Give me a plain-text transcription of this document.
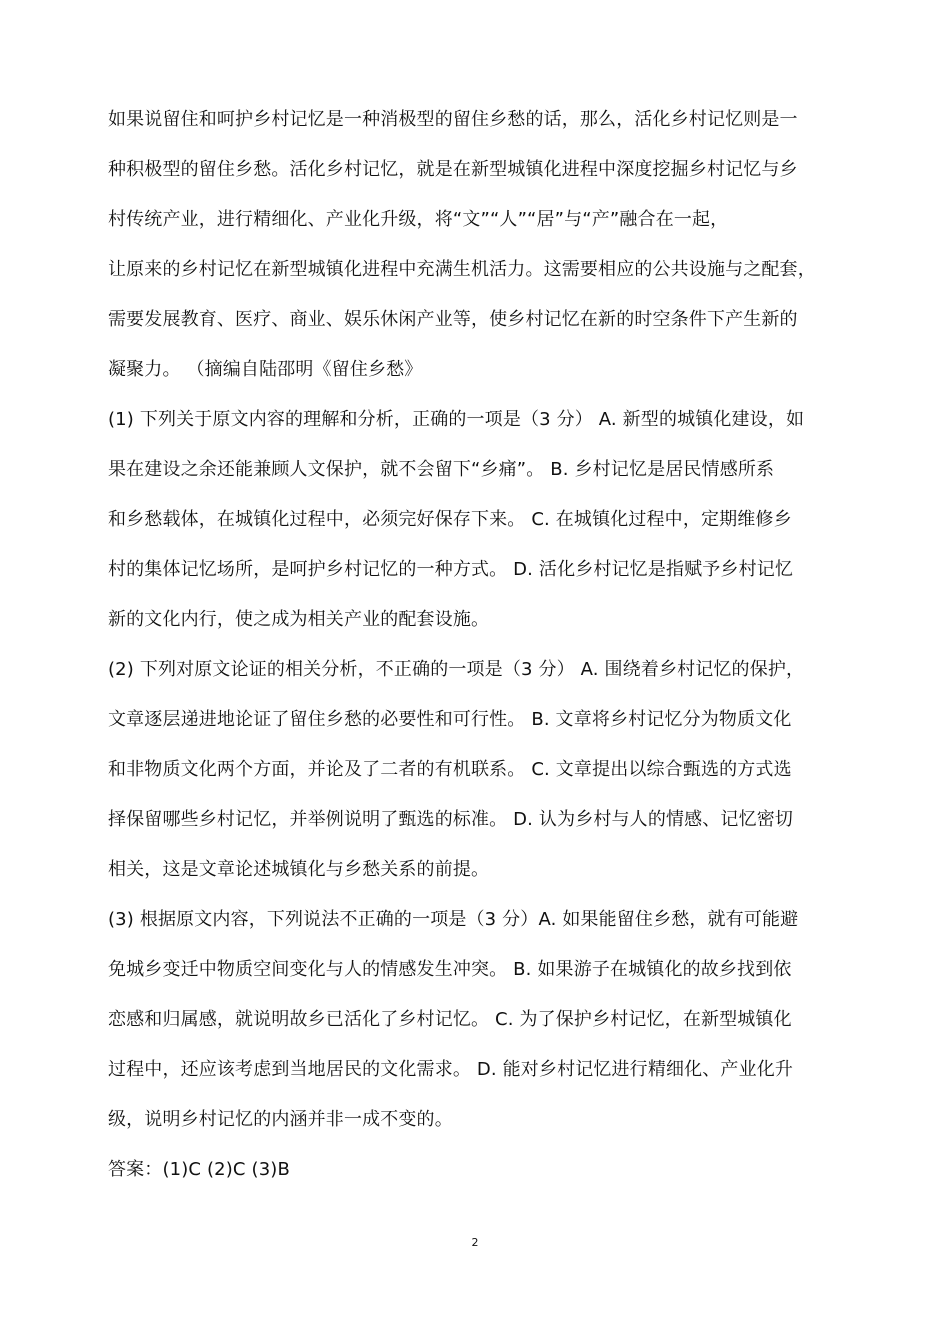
如果说留住和呵护乡村记忆是一种消极型的留住乡愁的话，那么，活化乡村记忆则是一
种积极型的留住乡愁。活化乡村记忆，就是在新型城镇化进程中深度挖掘乡村记忆与乡
村传统产业，进行精细化、产业化升级，将“文”“人”“居”与“产”融合在一起，
让原来的乡村记忆在新型城镇化进程中充满生机活力。这需要相应的公共设施与之配套，
需要发展教育、医疗、商业、娱乐休闲产业等，使乡村记忆在新的时空条件下产生新的
凝聚力。 （摘编自陆邵明《留住乡愁》
(1) 下列关于原文内容的理解和分析，正确的一项是（3 分） A. 新型的城镇化建设，如
果在建设之余还能兼顾人文保护，就不会留下“乡痛”。 B. 乡村记忆是居民情感所系
和乡愁载体，在城镇化过程中，必须完好保存下来。 C. 在城镇化过程中，定期维修乡
村的集体记忆场所，是呵护乡村记忆的一种方式。 D. 活化乡村记忆是指赋予乡村记忆
新的文化内行，使之成为相关产业的配套设施。
(2) 下列对原文论证的相关分析，不正确的一项是（3 分） A. 围绕着乡村记忆的保护，
文章逐层递进地论证了留住乡愁的必要性和可行性。 B. 文章将乡村记忆分为物质文化
和非物质文化两个方面，并论及了二者的有机联系。 C. 文章提出以综合甄选的方式选
择保留哪些乡村记忆，并举例说明了甄选的标准。 D. 认为乡村与人的情感、记忆密切
相关，这是文章论述城镇化与乡愁关系的前提。
(3) 根据原文内容，下列说法不正确的一项是（3 分）A. 如果能留住乡愁，就有可能避
免城乡变迁中物质空间变化与人的情感发生冲突。 B. 如果游子在城镇化的故乡找到依
恋感和归属感，就说明故乡已活化了乡村记忆。 C. 为了保护乡村记忆，在新型城镇化
过程中，还应该考虑到当地居民的文化需求。 D. 能对乡村记忆进行精细化、产业化升
级，说明乡村记忆的内涵并非一成不变的。
答案：(1)C (2)C (3)B
2
